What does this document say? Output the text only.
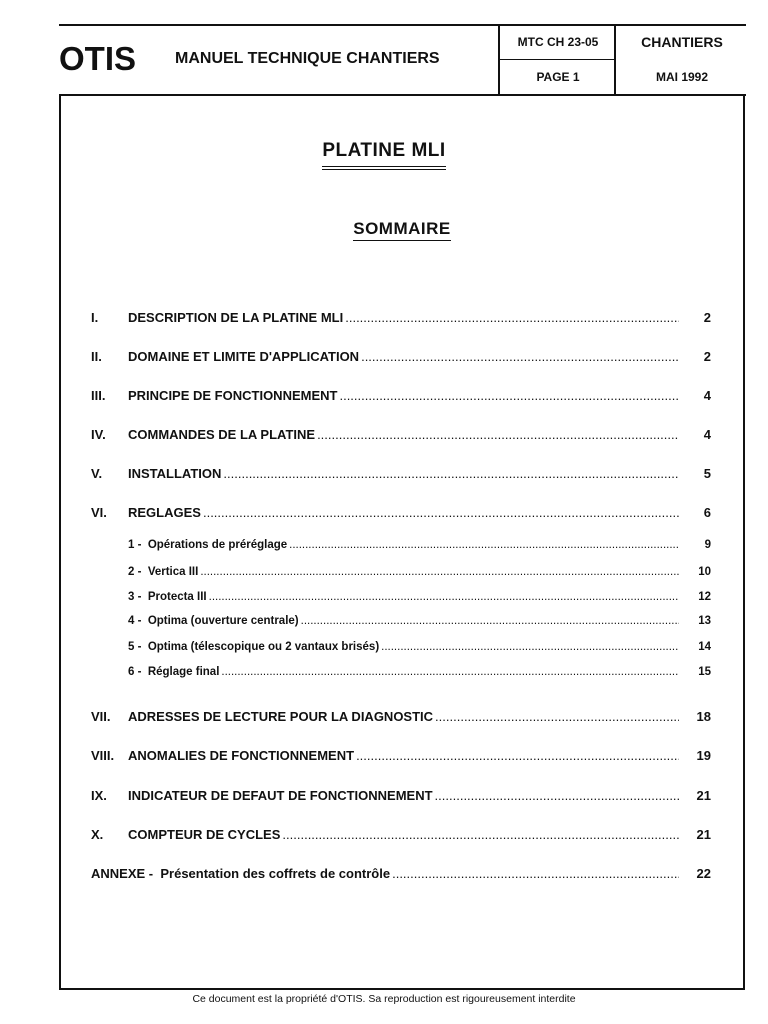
OTIS MANUEL TECHNIQUE CHANTIERS
MTC CH 23-05
PAGE 1
CHANTIERS
MAI 1992
PLATINE MLI
SOMMAIRE
I.	DESCRIPTION DE LA PLATINE MLI .....	2
II.	DOMAINE ET LIMITE D'APPLICATION .....	2
III.	PRINCIPE DE FONCTIONNEMENT .....	4
IV.	COMMANDES DE LA PLATINE .....	4
V.	INSTALLATION .....	5
VI.	REGLAGES .....	6
1 - Opérations de préréglage .....	9
2 - Vertica III .....	10
3 - Protecta III .....	12
4 - Optima (ouverture centrale) .....	13
5 - Optima (télescopique ou 2 vantaux brisés) .....	14
6 - Réglage final .....	15
VII.	ADRESSES DE LECTURE POUR LA DIAGNOSTIC .....	18
VIII.	ANOMALIES DE FONCTIONNEMENT .....	19
IX.	INDICATEUR DE DEFAUT DE FONCTIONNEMENT .....	21
X.	COMPTEUR DE CYCLES .....	21
ANNEXE - Présentation des coffrets de contrôle .....	22
Ce document est la propriété d'OTIS. Sa reproduction est rigoureusement interdite
